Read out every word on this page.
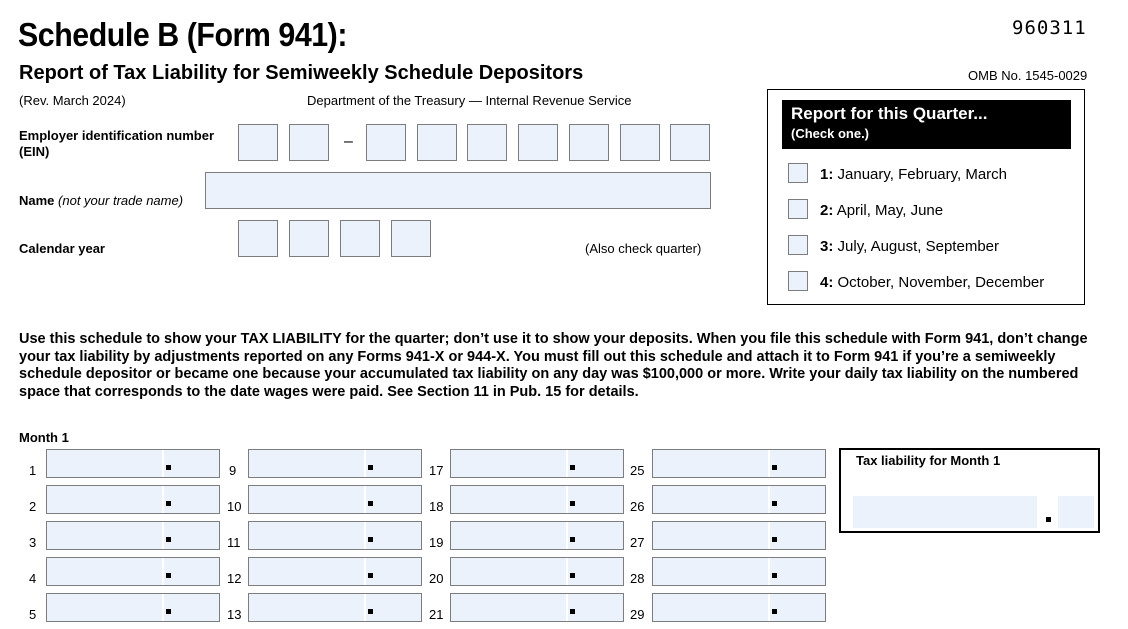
Schedule B (Form 941):
Report of Tax Liability for Semiweekly Schedule Depositors
(Rev. March 2024)	Department of the Treasury — Internal Revenue Service
960311
OMB No. 1545-0029
Employer identification number (EIN)
–
Name (not your trade name)
Calendar year	(Also check quarter)
Report for this Quarter...
(Check one.)
1: January, February, March
2: April, May, June
3: July, August, September
4: October, November, December
Use this schedule to show your TAX LIABILITY for the quarter; don’t use it to show your deposits. When you file this schedule with Form 941, don’t change your tax liability by adjustments reported on any Forms 941-X or 944-X. You must fill out this schedule and attach it to Form 941 if you’re a semiweekly schedule depositor or became one because your accumulated tax liability on any day was $100,000 or more. Write your daily tax liability on the numbered space that corresponds to the date wages were paid. See Section 11 in Pub. 15 for details.
Month 1
1
2
3
4
5
9
10
11
12
13
17
18
19
20
21
25
26
27
28
29
Tax liability for Month 1
